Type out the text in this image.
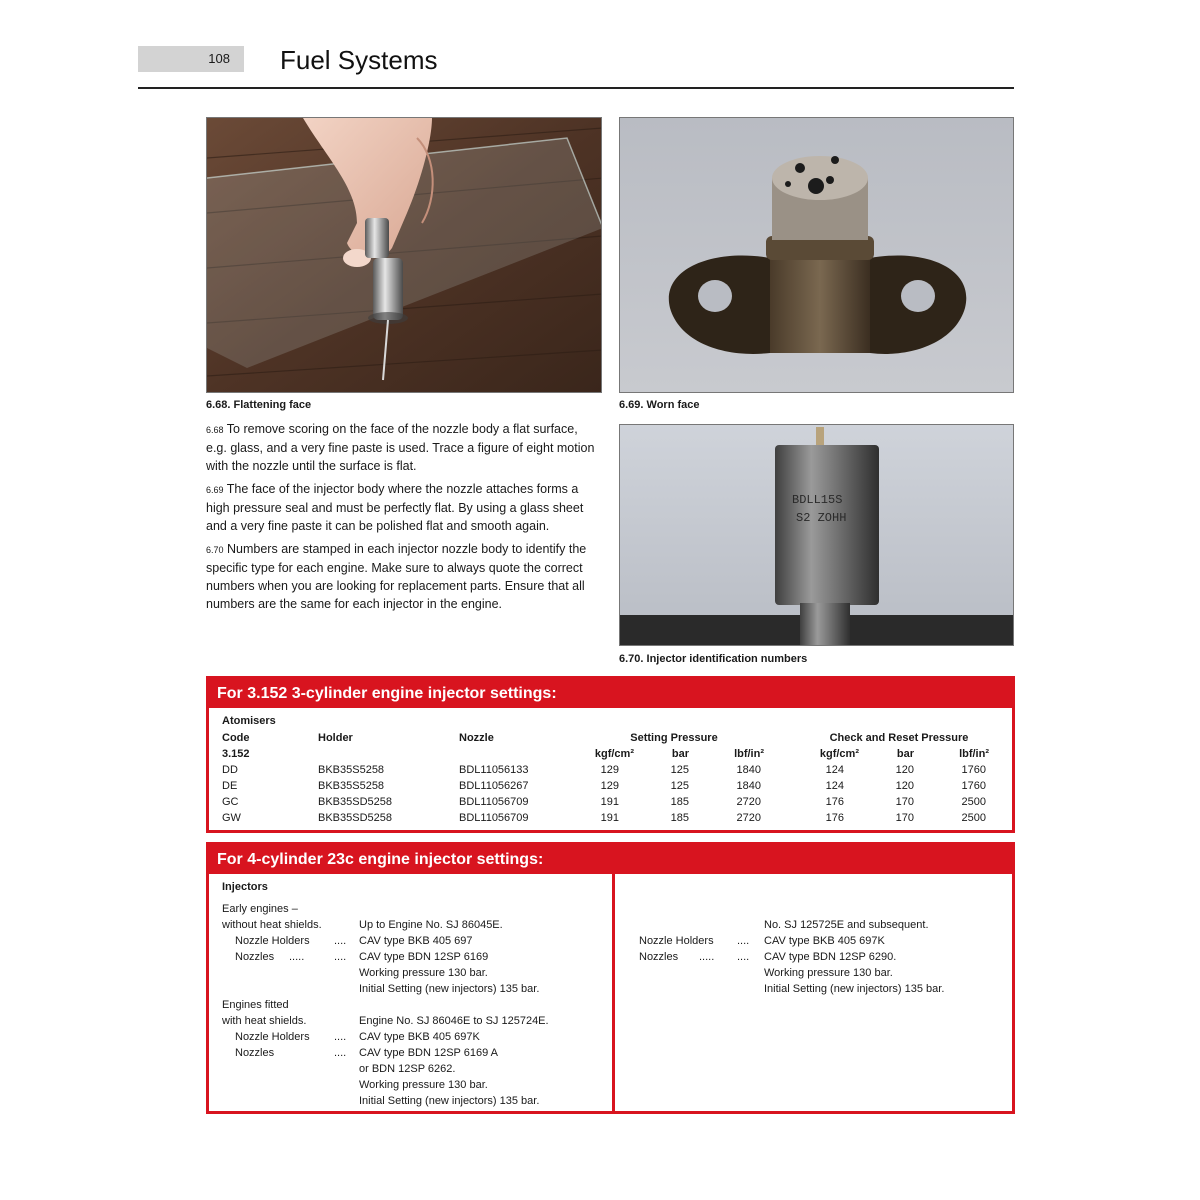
108	Fuel Systems
6.68. Flattening face	6.69. Worn face
BDLL15S
S2 ZOHH
6.70. Injector identification numbers

6.68 To remove scoring on the face of the nozzle body a flat surface, e.g. glass, and a very fine paste is used. Trace a figure of eight motion with the nozzle until the surface is flat.

6.69 The face of the injector body where the nozzle attaches forms a high pressure seal and must be perfectly flat. By using a glass sheet and a very fine paste it can be polished flat and smooth again.

6.70 Numbers are stamped in each injector nozzle body to identify the specific type for each engine. Make sure to always quote the correct numbers when you are looking for replacement parts. Ensure that all numbers are the same for each injector in the engine.

For 3.152 3-cylinder engine injector settings:
Atomisers
Code
3.152
Holder	Nozzle	Setting Pressure	Check and Reset Pressure
kgf/cm²	bar	lbf/in²	kgf/cm²	bar	lbf/in²
DD	BKB35S5258	BDL11056133	129	125	1840	124	120	1760
DE	BKB35S5258	BDL11056267	129	125	1840	124	120	1760
GC	BKB35SD5258	BDL11056709	191	185	2720	176	170	2500
GW	BKB35SD5258	BDL11056709	191	185	2720	176	170	2500
For 4-cylinder 23c engine injector settings:
Injectors
Early engines –
without heat shields.	Up to Engine No. SJ 86045E.
Nozzle Holders .... CAV type BKB 405 697
Nozzles .....	.... CAV type BDN 12SP 6169
Working pressure 130 bar.
Initial Setting (new injectors) 135 bar.
Engines fitted
with heat shields.	Engine No. SJ 86046E to SJ 125724E.
Nozzle Holders .... CAV type BKB 405 697K
Nozzles	.... CAV type BDN 12SP 6169 A
or BDN 12SP 6262.
Working pressure 130 bar.
Initial Setting (new injectors) 135 bar.
No. SJ 125725E and subsequent.
Nozzle Holders .... CAV type BKB 405 697K
Nozzles ..... .... CAV type BDN 12SP 6290.
Working pressure 130 bar.
Initial Setting (new injectors) 135 bar.
